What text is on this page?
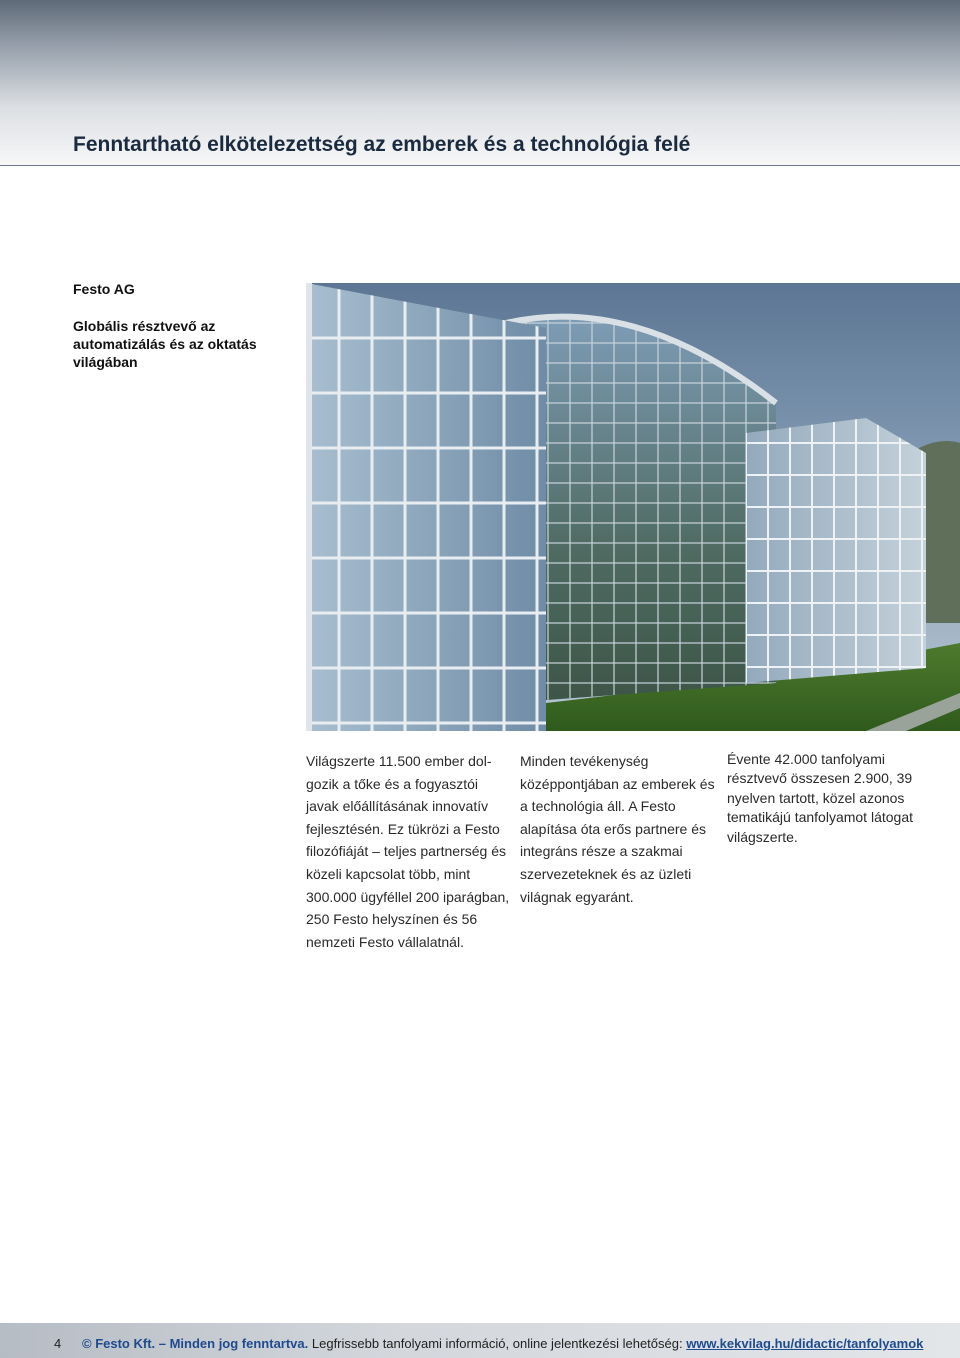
Fenntartható elkötelezettség az emberek és a technológia felé
Festo AG
Globális résztvevő az automatizálás és az oktatás világában
Világszerte 11.500 ember dolgozik a tőke és a fogyasztói javak előállításának innovatív fejlesztésén. Ez tükrözi a Festo filozófiáját – teljes partnerség és közeli kapcsolat több, mint 300.000 ügyféllel 200 iparágban, 250 Festo helyszínen és 56 nemzeti Festo vállalatnál.
Minden tevékenység középpontjában az emberek és a technológia áll. A Festo alapítása óta erős partnere és integráns része a szakmai szervezeteknek és az üzleti világnak egyaránt.
Évente 42.000 tanfolyami résztvevő összesen 2.900, 39 nyelven tartott, közel azonos tematikájú tanfolyamot látogat világszerte.
4 © Festo Kft. – Minden jog fenntartva. Legfrissebb tanfolyami információ, online jelentkezési lehetőség: www.kekvilag.hu/didactic/tanfolyamok
